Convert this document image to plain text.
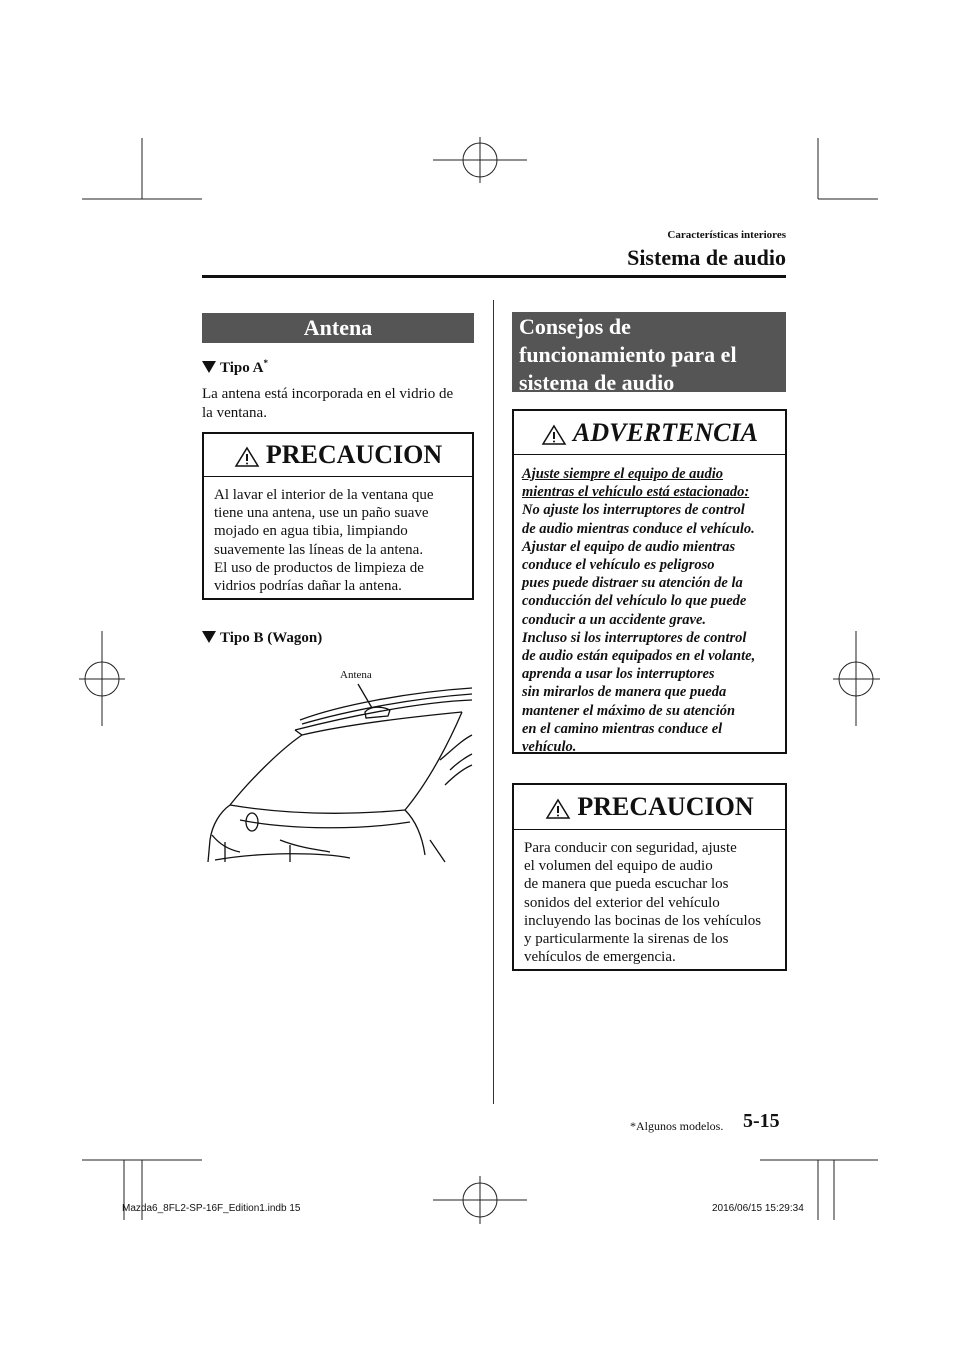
Características interiores
Sistema de audio
Antena
Tipo A*
La antena está incorporada en el vidrio de
la ventana.
PRECAUCION
Al lavar el interior de la ventana que
tiene una antena, use un paño suave
mojado en agua tibia, limpiando
suavemente las líneas de la antena.
El uso de productos de limpieza de
vidrios podrías dañar la antena.
Tipo B (Wagon)
Antena
Consejos de
funcionamiento para el
sistema de audio
ADVERTENCIA
Ajuste siempre el equipo de audio
mientras el vehículo está estacionado:
No ajuste los interruptores de control
de audio mientras conduce el vehículo.
Ajustar el equipo de audio mientras
conduce el vehículo es peligroso
pues puede distraer su atención de la
conducción del vehículo lo que puede
conducir a un accidente grave.
Incluso si los interruptores de control
de audio están equipados en el volante,
aprenda a usar los interruptores
sin mirarlos de manera que pueda
mantener el máximo de su atención
en el camino mientras conduce el
vehículo.
PRECAUCION
Para conducir con seguridad, ajuste
el volumen del equipo de audio
de manera que pueda escuchar los
sonidos del exterior del vehículo
incluyendo las bocinas de los vehículos
y particularmente la sirenas de los
vehículos de emergencia.
*Algunos modelos. 5-15
Mazda6_8FL2-SP-16F_Edition1.indb 15	2016/06/15 15:29:34
